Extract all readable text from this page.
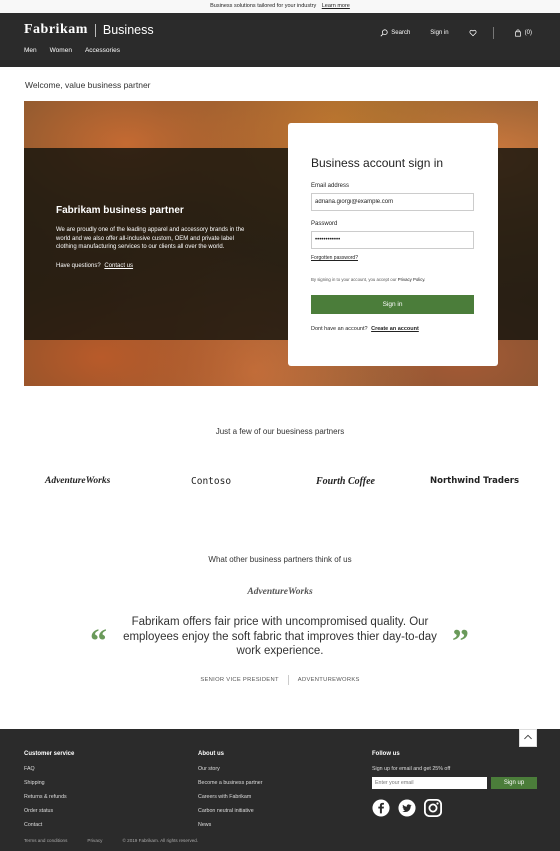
Business solutions tailored for your industry Learn more
Fabrikam Business
Men Women Accessories
Search	Sign in	(0)
Welcome, value business partner
Fabrikam business partner

We are proudly one of the leading apparel and accessory brands in the world and we also offer all-inclusive custom, OEM and private label clothing manufacturing services to our clients all over the world.

Have questions? Contact us
Business account sign in
Email address
adriana.giorgi@example.com
Password
••••••••••••
Forgotten password?
By signing in to your account, you accept our Privacy Policy.
Sign in
Dont have an account? Create an account
Just a few of our buesiness partners
AdventureWorks	Contoso	Fourth Coffee	Northwind Traders
What other business partners think of us
AdventureWorks
“
Fabrikam offers fair price with uncompromised quality. Our employees enjoy the soft fabric that improves thier day-to-day work experience.	”
SENIOR VICE PRESIDENT	ADVENTUREWORKS
Customer service
FAQ
Shipping
Returns & refunds
Order status
Contact
About us
Our story
Become a business partner
Careers with Fabrikam
Carbon neutral initiative
News
Follow us
Sign up for email and get 25% off
Enter your email
Sign up
Terms and conditions	Privacy	© 2019 Fabrikam. All rights reserved.
